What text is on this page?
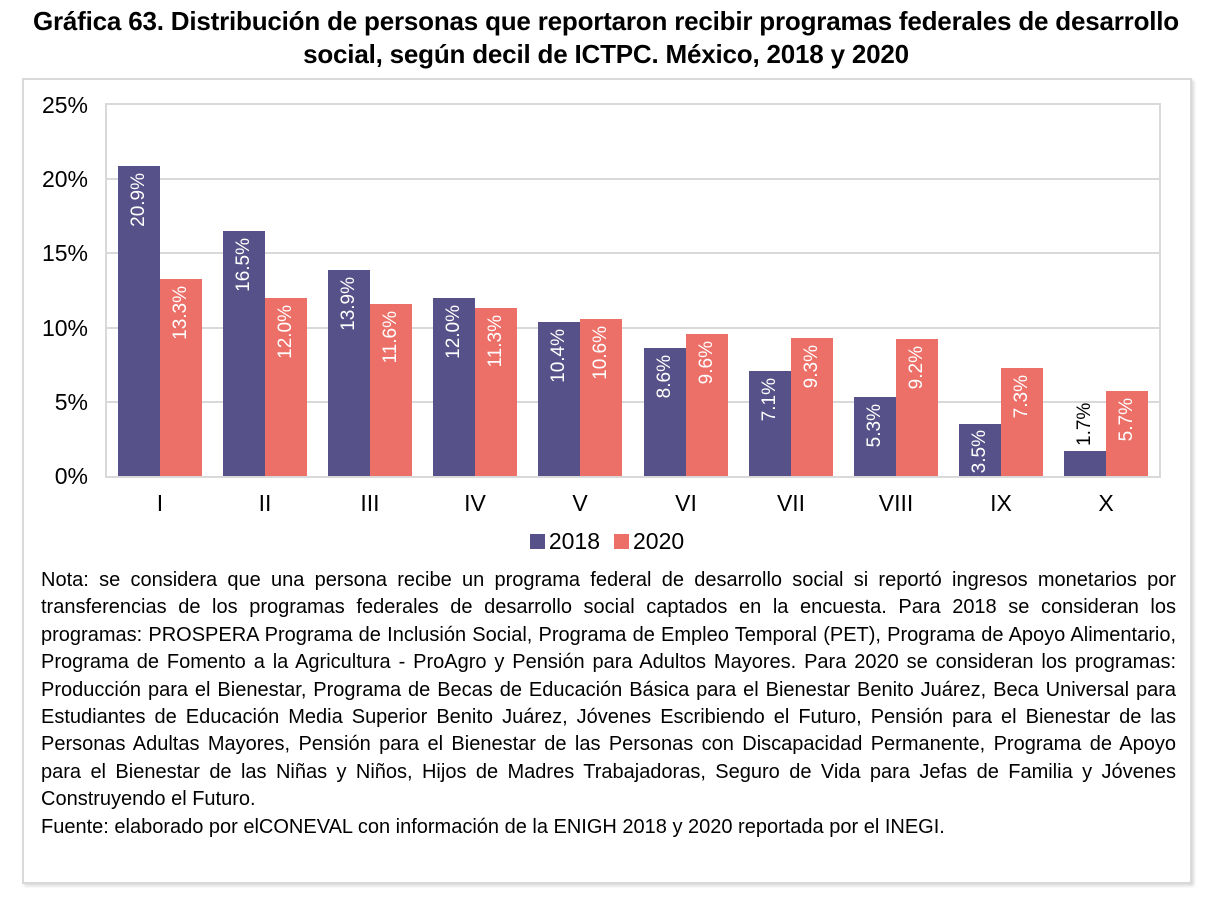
Gráfica 63. Distribución de personas que reportaron recibir programas federales de desarrollo social, según decil de ICTPC. México, 2018 y 2020
20.9%
16.5%
13.9%
12.0%	10.4%	8.6%
7.1%
5.3%
3.5%
1.7%
13.3%	12.0%	11.6%	11.3%	10.6%	9.6%	9.3%	9.2%
7.3%
5.7%
0%
5%
10%
15%
20%
25%
I	II	III	IV	V	VI	VII	VIII	IX	X
2018 2020
Nota: se considera que una persona recibe un programa federal de desarrollo social si reportó ingresos monetarios por transferencias de los programas federales de desarrollo social captados en la encuesta. Para 2018 se consideran los programas: PROSPERA Programa de Inclusión Social, Programa de Empleo Temporal (PET), Programa de Apoyo Alimentario, Programa de Fomento a la Agricultura - ProAgro y Pensión para Adultos Mayores. Para 2020 se consideran los programas: Producción para el Bienestar, Programa de Becas de Educación Básica para el Bienestar Benito Juárez, Beca Universal para Estudiantes de Educación Media Superior Benito Juárez, Jóvenes Escribiendo el Futuro, Pensión para el Bienestar de las Personas Adultas Mayores, Pensión para el Bienestar de las Personas con Discapacidad Permanente, Programa de Apoyo para el Bienestar de las Niñas y Niños, Hijos de Madres Trabajadoras, Seguro de Vida para Jefas de Familia y Jóvenes Construyendo el Futuro.
Fuente: elaborado por elCONEVAL con información de la ENIGH 2018 y 2020 reportada por el INEGI.
